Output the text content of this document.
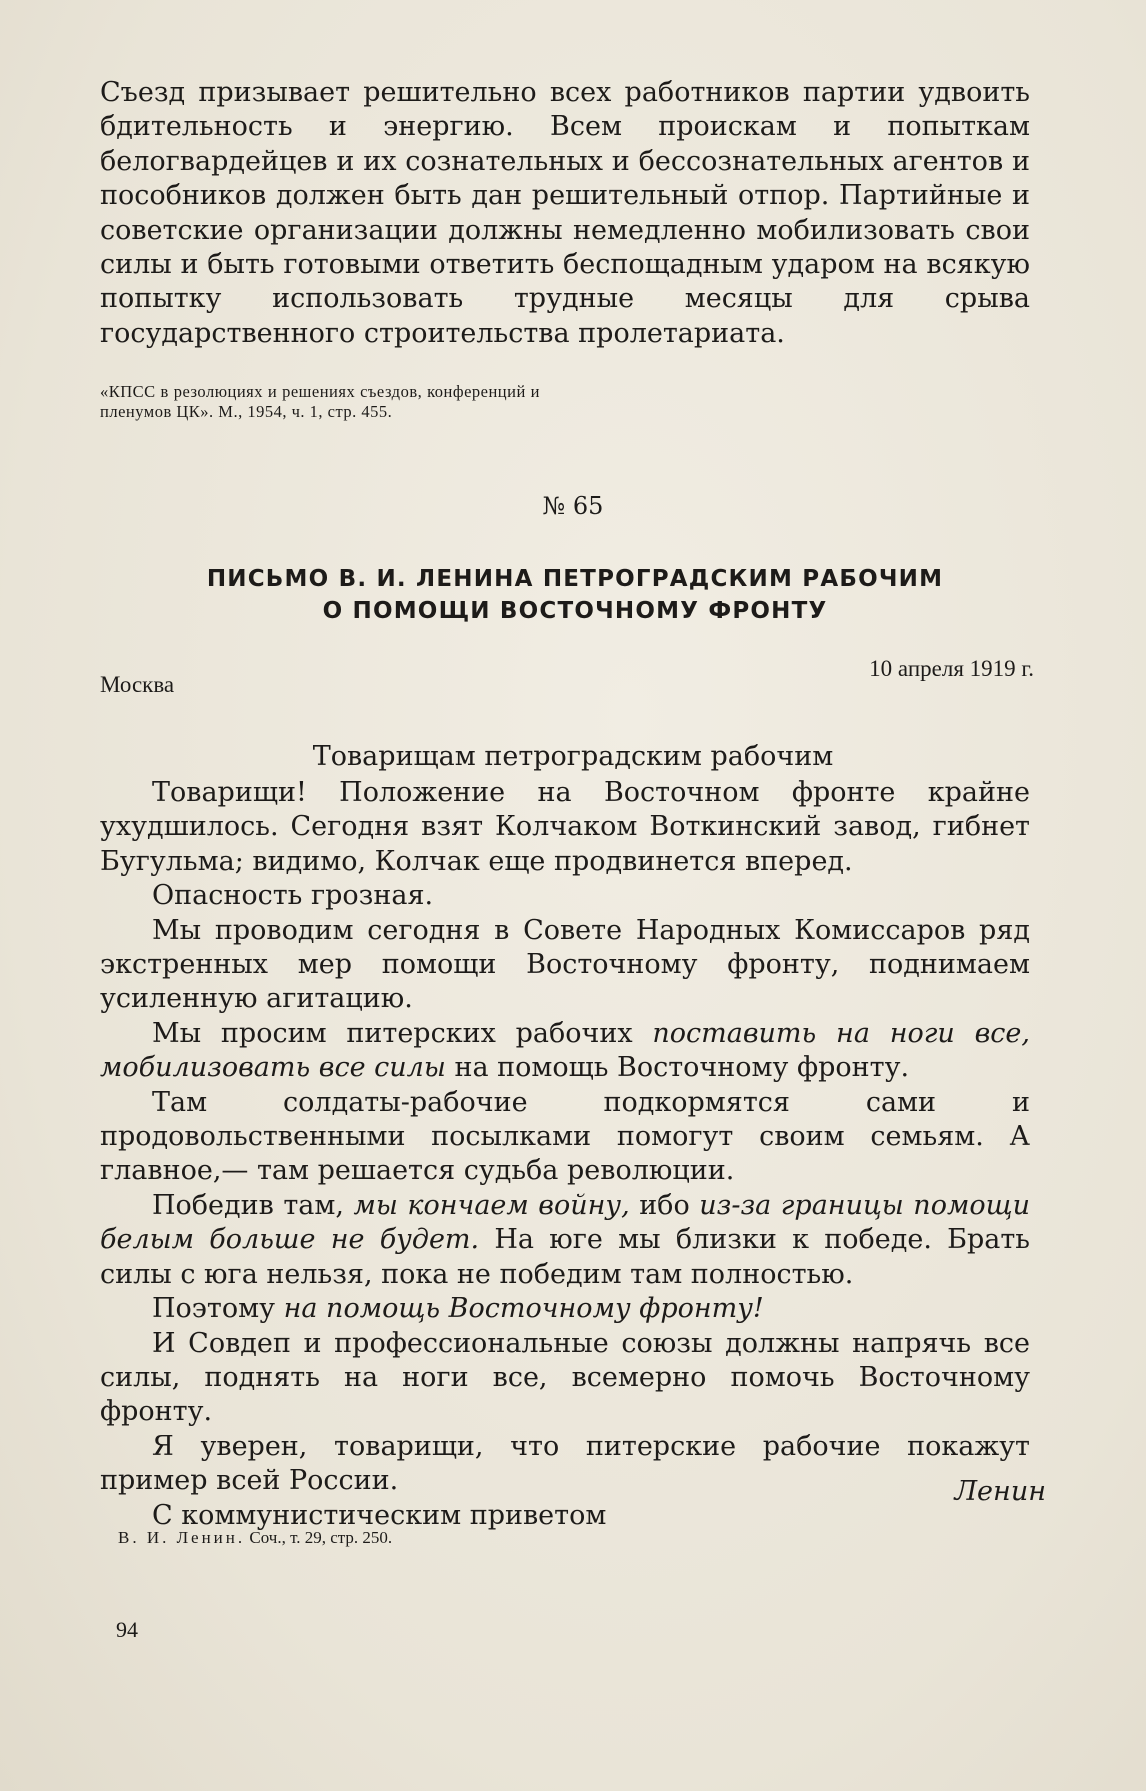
Съезд призывает решительно всех работников партии удвоить бдительность и энергию. Всем проискам и попыткам белогвардейцев и их сознательных и бессознательных агентов и пособников должен быть дан решительный отпор. Партийные и советские организации должны немедленно мобилизовать свои силы и быть готовыми ответить беспощадным ударом на всякую попытку использовать трудные месяцы для срыва государственного строительства пролетариата.

«КПСС в резолюциях и решениях съездов, конференций и пленумов ЦК». М., 1954, ч. 1, стр. 455.
№ 65
ПИСЬМО В. И. ЛЕНИНА ПЕТРОГРАДСКИМ РАБОЧИМ
О ПОМОЩИ ВОСТОЧНОМУ ФРОНТУ
Москва
10 апреля 1919 г.
Товарищам петроградским рабочим

Товарищи! Положение на Восточном фронте крайне ухудшилось. Сегодня взят Колчаком Воткинский завод, гибнет Бугульма; видимо, Колчак еще продвинется вперед.

Опасность грозная.

Мы проводим сегодня в Совете Народных Комиссаров ряд экстренных мер помощи Восточному фронту, поднимаем усиленную агитацию.

Мы просим питерских рабочих поставить на ноги все, мобилизовать все силы на помощь Восточному фронту.

Там солдаты-рабочие подкормятся сами и продовольственными посылками помогут своим семьям. А главное,— там решается судьба революции.

Победив там, мы кончаем войну, ибо из-за границы помощи белым больше не будет. На юге мы близки к победе. Брать силы с юга нельзя, пока не победим там полностью.

Поэтому на помощь Восточному фронту!

И Совдеп и профессиональные союзы должны напрячь все силы, поднять на ноги все, всемерно помочь Восточному фронту.

Я уверен, товарищи, что питерские рабочие покажут пример всей России.

С коммунистическим приветом

Ленин
В. И. Ленин. Соч., т. 29, стр. 250.
94
